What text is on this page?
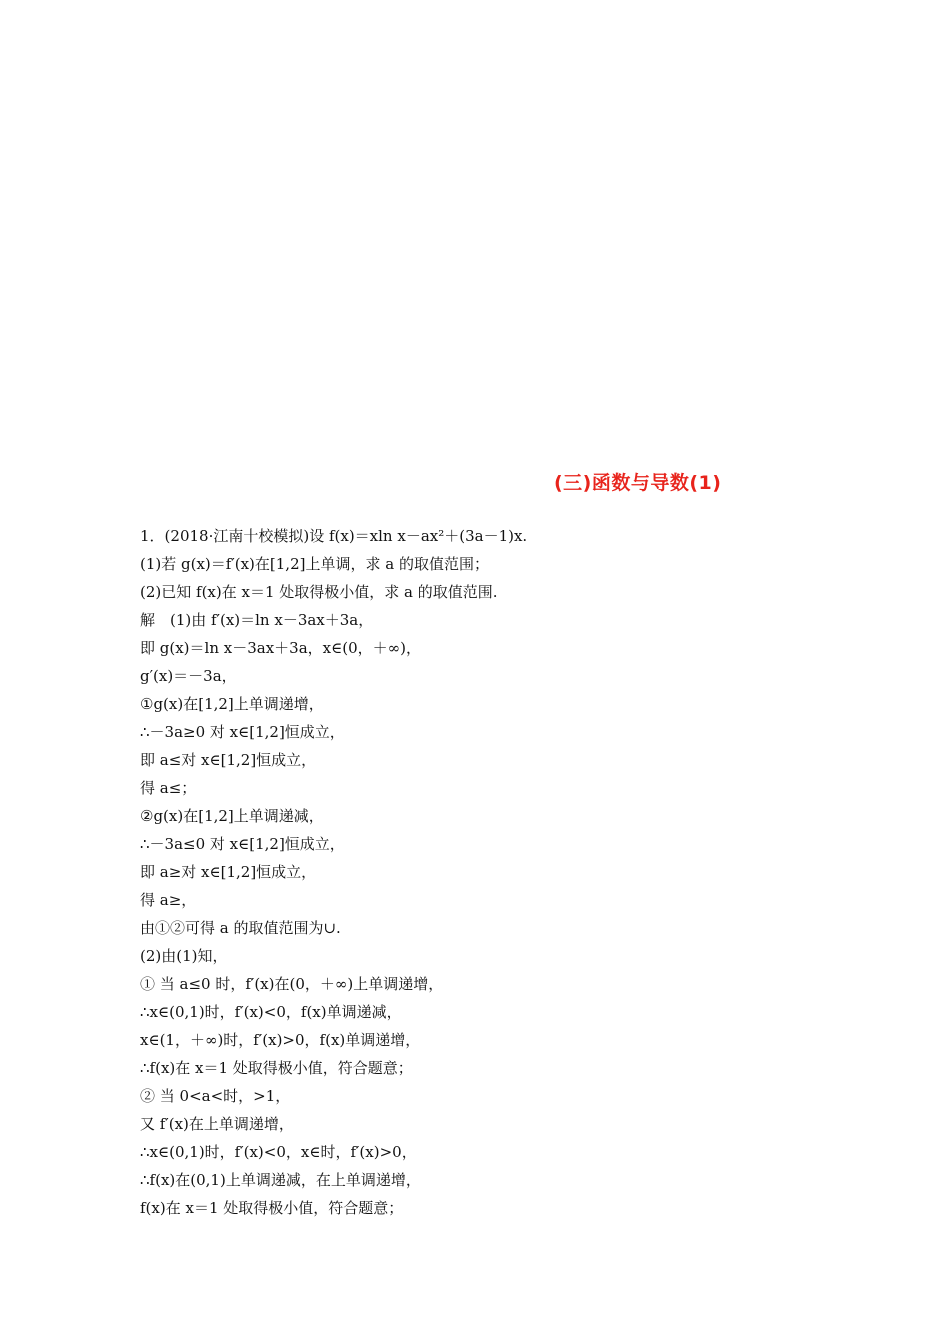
(三)函数与导数(1)
1．(2018·江南十校模拟)设 f(x)＝xln x－ax²＋(3a－1)x.
(1)若 g(x)＝f′(x)在[1,2]上单调，求 a 的取值范围；
(2)已知 f(x)在 x＝1 处取得极小值，求 a 的取值范围.
解　(1)由 f′(x)＝ln x－3ax＋3a，
即 g(x)＝ln x－3ax＋3a，x∈(0，＋∞)，
g′(x)＝－3a，
①g(x)在[1,2]上单调递增，
∴－3a≥0 对 x∈[1,2]恒成立，
即 a≤对 x∈[1,2]恒成立，
得 a≤；
②g(x)在[1,2]上单调递减，
∴－3a≤0 对 x∈[1,2]恒成立，
即 a≥对 x∈[1,2]恒成立，
得 a≥，
由①②可得 a 的取值范围为∪.
(2)由(1)知，
① 当 a≤0 时，f′(x)在(0，＋∞)上单调递增，
∴x∈(0,1)时，f′(x)<0，f(x)单调递减，
x∈(1，＋∞)时，f′(x)>0，f(x)单调递增，
∴f(x)在 x＝1 处取得极小值，符合题意；
② 当 0<a<时，>1，
又 f′(x)在上单调递增，
∴x∈(0,1)时，f′(x)<0，x∈时，f′(x)>0，
∴f(x)在(0,1)上单调递减，在上单调递增，
f(x)在 x＝1 处取得极小值，符合题意；
